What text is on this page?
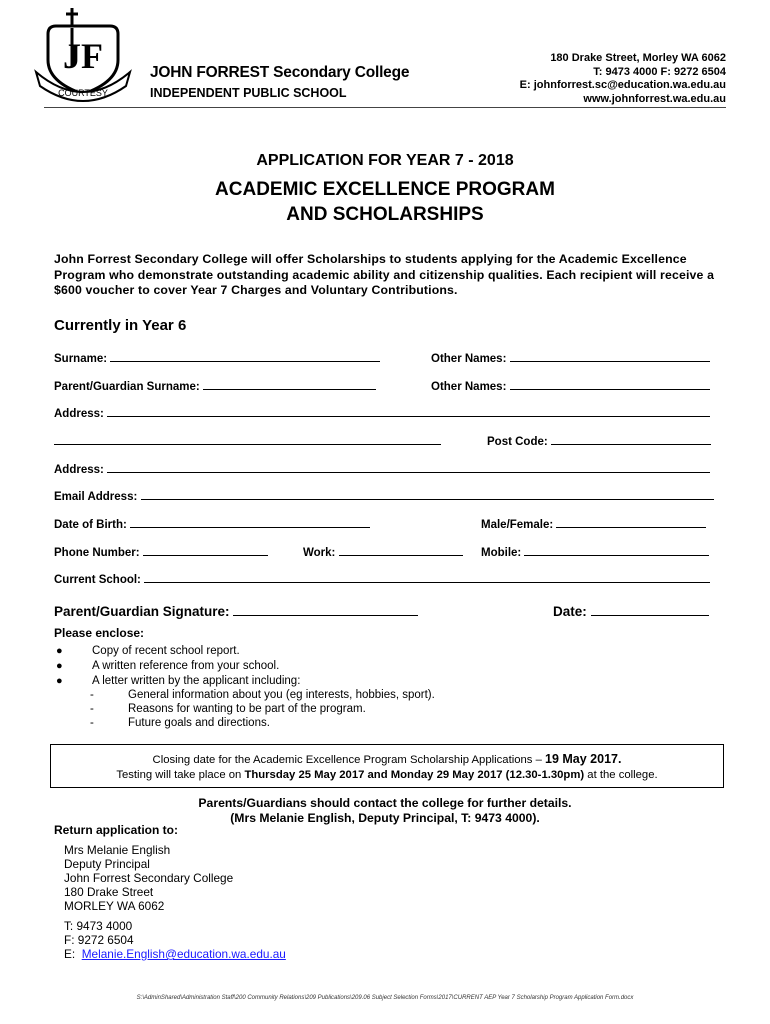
JF
COURTESY
JOHN FORREST Secondary College
INDEPENDENT PUBLIC SCHOOL
180 Drake Street, Morley WA 6062
T: 9473 4000 F: 9272 6504
E: johnforrest.sc@education.wa.edu.au
www.johnforrest.wa.edu.au
APPLICATION FOR YEAR 7 - 2018
ACADEMIC EXCELLENCE PROGRAM
AND SCHOLARSHIPS
John Forrest Secondary College will offer Scholarships to students applying for the Academic Excellence Program who demonstrate outstanding academic ability and citizenship qualities. Each recipient will receive a $600 voucher to cover Year 7 Charges and Voluntary Contributions.
Currently in Year 6
Surname:	Other Names:
Parent/Guardian Surname:	Other Names:
Address:
Post Code:
Address:
Email Address:
Date of Birth:	Male/Female:
Phone Number:	Work:	Mobile:
Current School:
Parent/Guardian Signature:	Date:
Please enclose:
●	Copy of recent school report.
●	A written reference from your school.
●	A letter written by the applicant including:
-	General information about you (eg interests, hobbies, sport).
-	Reasons for wanting to be part of the program.
-	Future goals and directions.
Closing date for the Academic Excellence Program Scholarship Applications – 19 May 2017.
Testing will take place on Thursday 25 May 2017 and Monday 29 May 2017 (12.30-1.30pm) at the college.
Parents/Guardians should contact the college for further details.
(Mrs Melanie English, Deputy Principal, T: 9473 4000).
Return application to:
Mrs Melanie English
Deputy Principal
John Forrest Secondary College
180 Drake Street
MORLEY WA 6062
T: 9473 4000
F: 9272 6504
E:  Melanie.English@education.wa.edu.au
S:\AdminShared\Administration Staff\200 Community Relations\209 Publications\209.06 Subject Selection Forms\2017\CURRENT AEP Year 7 Scholarship Program Application Form.docx
